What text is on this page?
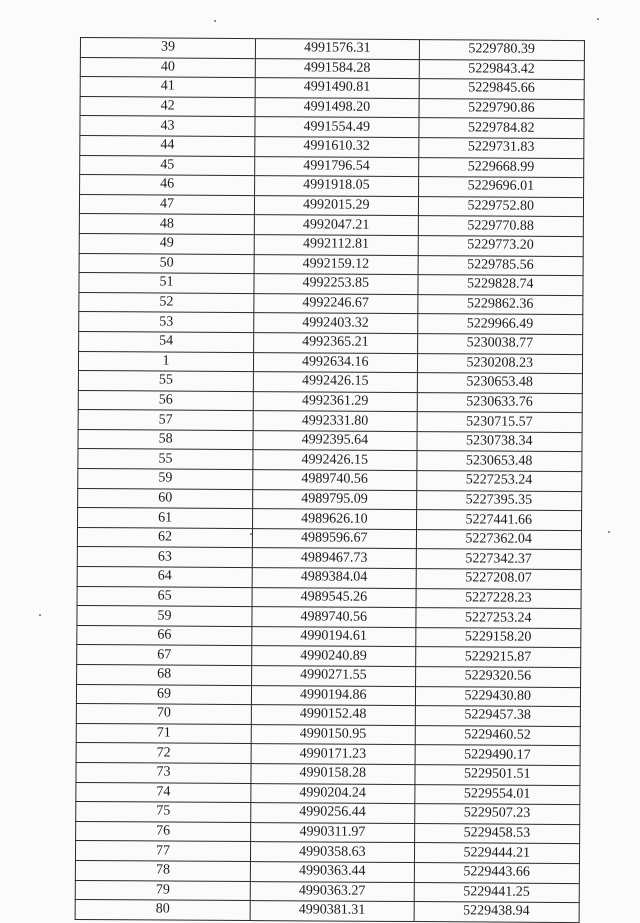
39	4991576.31	5229780.39
40	4991584.28	5229843.42
41	4991490.81	5229845.66
42	4991498.20	5229790.86
43	4991554.49	5229784.82
44	4991610.32	5229731.83
45	4991796.54	5229668.99
46	4991918.05	5229696.01
47	4992015.29	5229752.80
48	4992047.21	5229770.88
49	4992112.81	5229773.20
50	4992159.12	5229785.56
51	4992253.85	5229828.74
52	4992246.67	5229862.36
53	4992403.32	5229966.49
54	4992365.21	5230038.77
1	4992634.16	5230208.23
55	4992426.15	5230653.48
56	4992361.29	5230633.76
57	4992331.80	5230715.57
58	4992395.64	5230738.34
55	4992426.15	5230653.48
59	4989740.56	5227253.24
60	4989795.09	5227395.35
61	4989626.10	5227441.66
62	4989596.67	5227362.04
63	4989467.73	5227342.37
64	4989384.04	5227208.07
65	4989545.26	5227228.23
59	4989740.56	5227253.24
66	4990194.61	5229158.20
67	4990240.89	5229215.87
68	4990271.55	5229320.56
69	4990194.86	5229430.80
70	4990152.48	5229457.38
71	4990150.95	5229460.52
72	4990171.23	5229490.17
73	4990158.28	5229501.51
74	4990204.24	5229554.01
75	4990256.44	5229507.23
76	4990311.97	5229458.53
77	4990358.63	5229444.21
78	4990363.44	5229443.66
79	4990363.27	5229441.25
80	4990381.31	5229438.94
